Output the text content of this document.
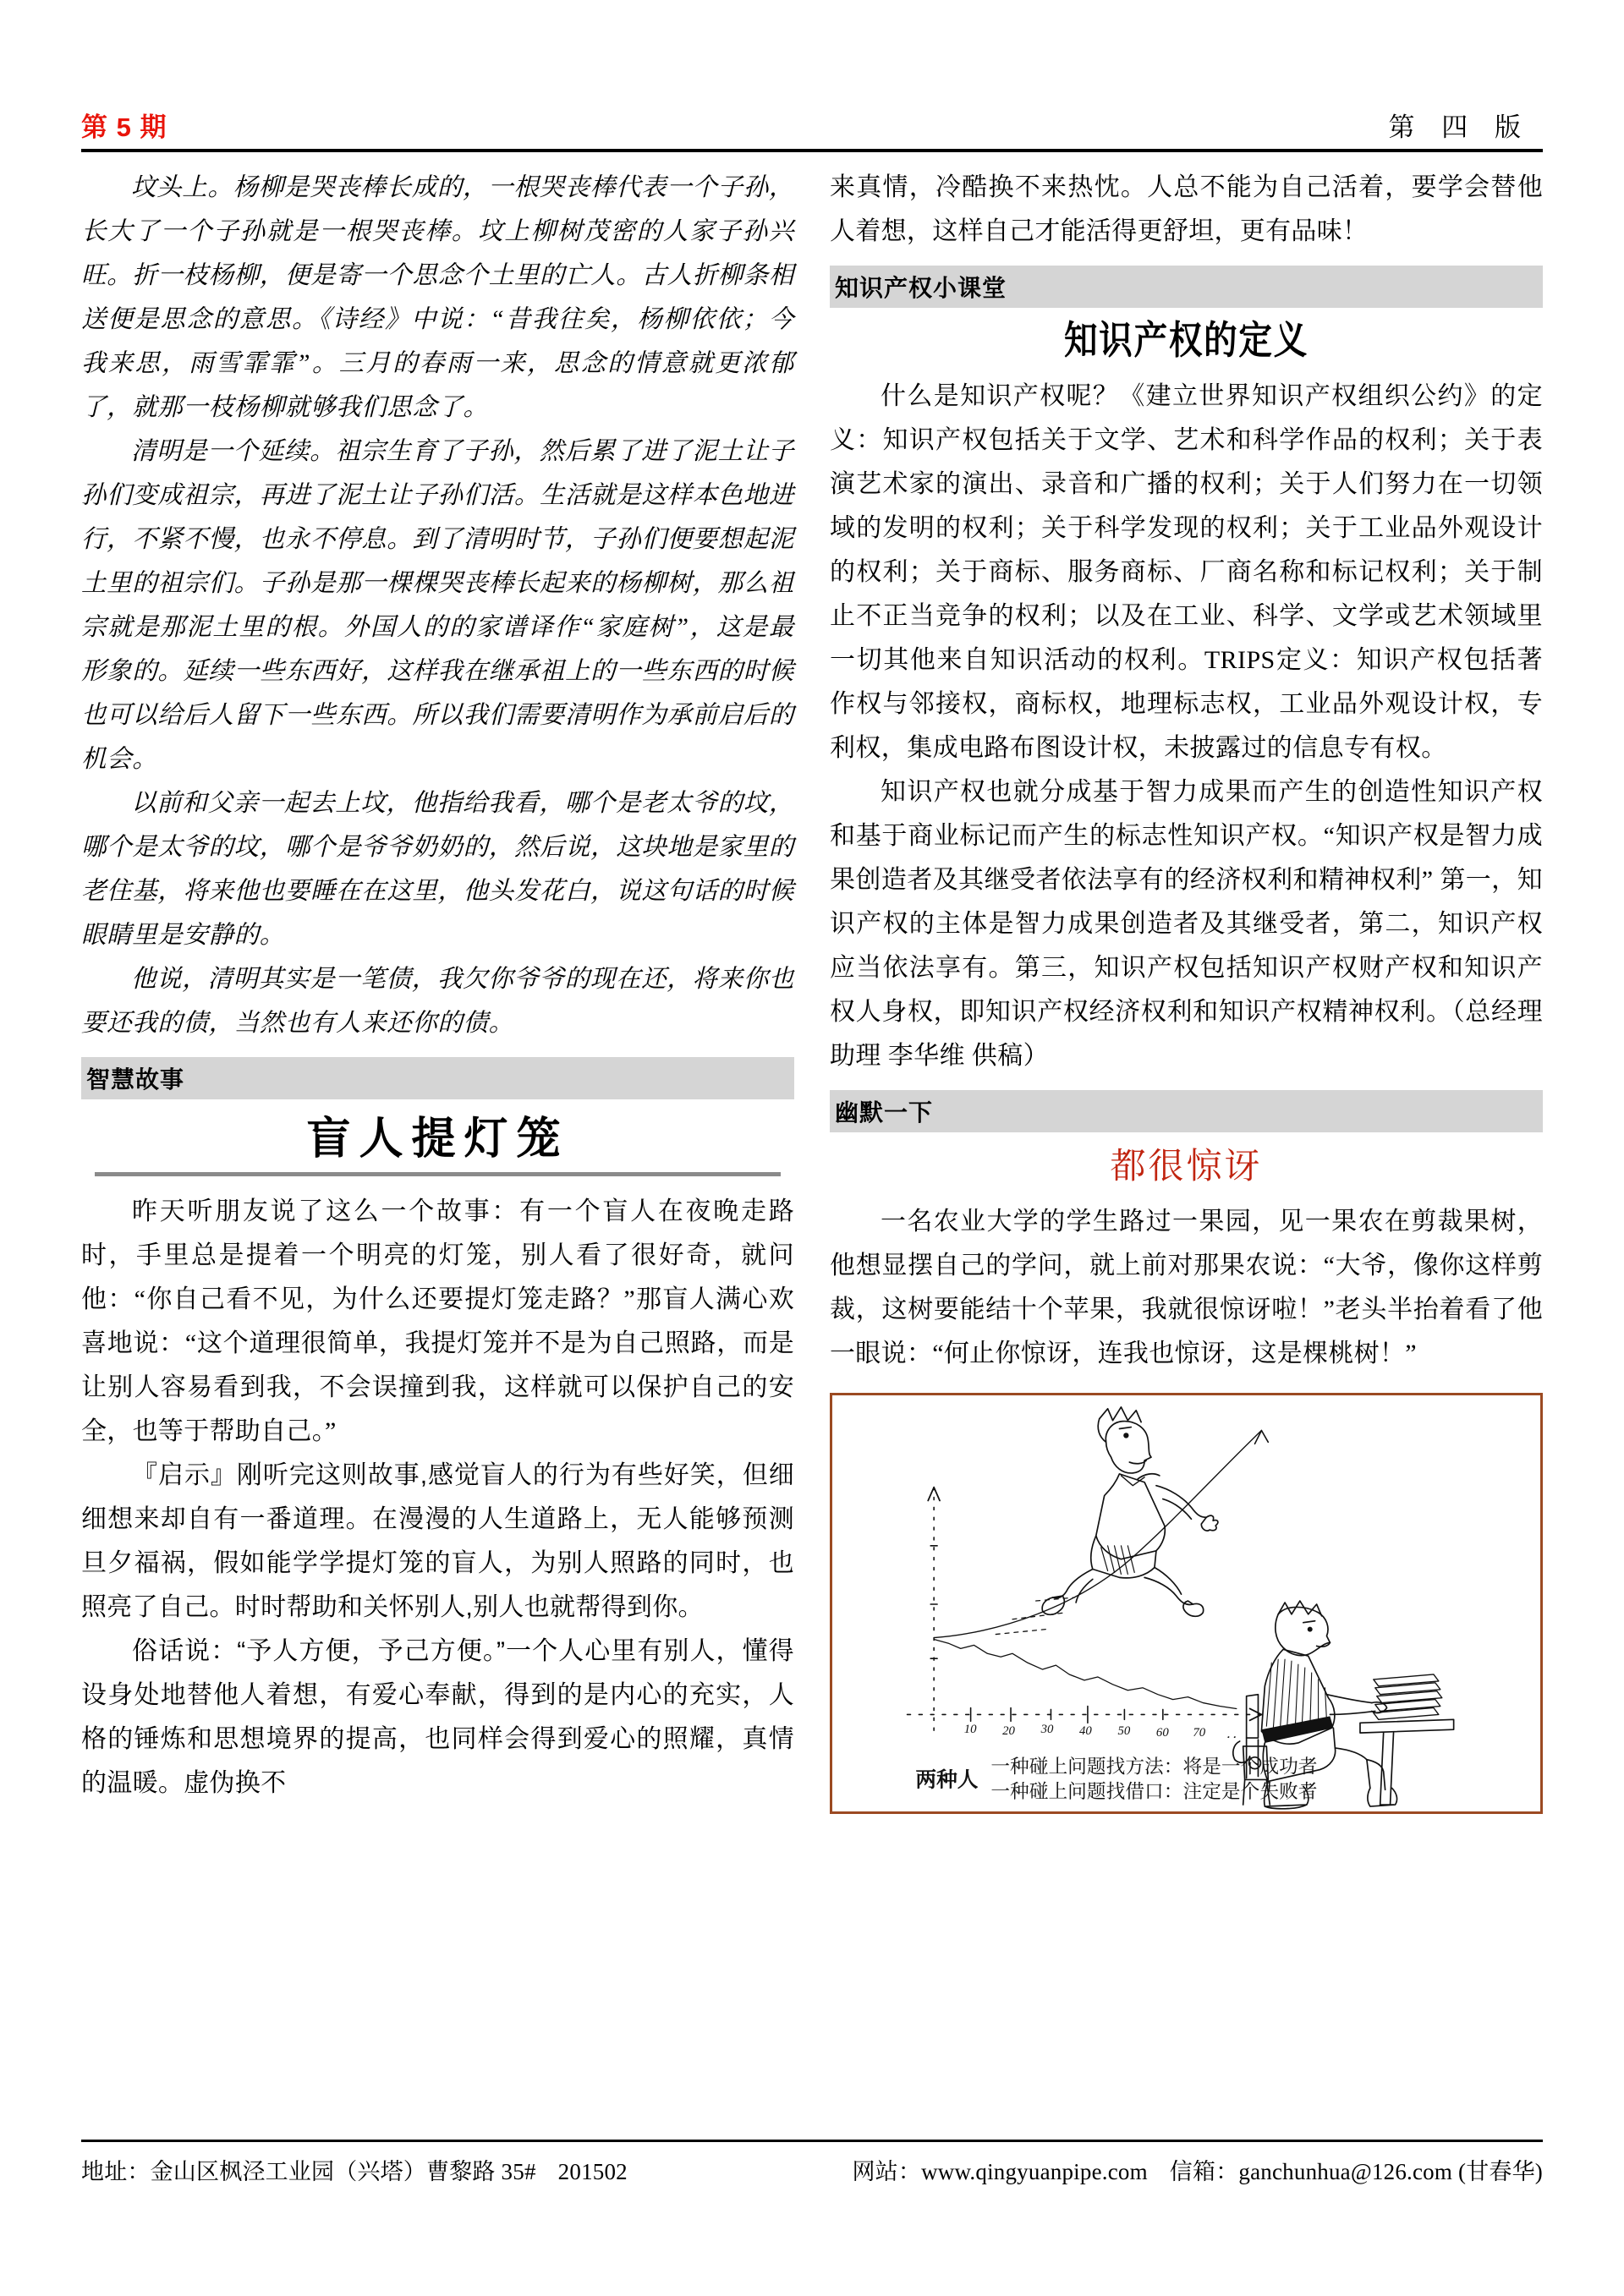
第 5 期	第 四 版

坟头上。杨柳是哭丧棒长成的，一根哭丧棒代表一个子孙，长大了一个子孙就是一根哭丧棒。坟上柳树茂密的人家子孙兴旺。折一枝杨柳，便是寄一个思念个土里的亡人。古人折柳条相送便是思念的意思。《诗经》中说：“昔我往矣，杨柳依依；今我来思，雨雪霏霏”。三月的春雨一来，思念的情意就更浓郁了，就那一枝杨柳就够我们思念了。

清明是一个延续。祖宗生育了子孙，然后累了进了泥土让子孙们变成祖宗，再进了泥土让子孙们活。生活就是这样本色地进行，不紧不慢，也永不停息。到了清明时节，子孙们便要想起泥土里的祖宗们。子孙是那一棵棵哭丧棒长起来的杨柳树，那么祖宗就是那泥土里的根。外国人的的家谱译作“家庭树”，这是最形象的。延续一些东西好，这样我在继承祖上的一些东西的时候也可以给后人留下一些东西。所以我们需要清明作为承前启后的机会。

以前和父亲一起去上坟，他指给我看，哪个是老太爷的坟，哪个是太爷的坟，哪个是爷爷奶奶的，然后说，这块地是家里的老住基，将来他也要睡在在这里，他头发花白，说这句话的时候眼睛里是安静的。

他说，清明其实是一笔债，我欠你爷爷的现在还，将来你也要还我的债，当然也有人来还你的债。

智慧故事
盲人提灯笼

昨天听朋友说了这么一个故事：有一个盲人在夜晚走路时，手里总是提着一个明亮的灯笼，别人看了很好奇，就问他：“你自己看不见，为什么还要提灯笼走路？”那盲人满心欢喜地说：“这个道理很简单，我提灯笼并不是为自己照路，而是让别人容易看到我，不会误撞到我，这样就可以保护自己的安全，也等于帮助自己。”

『启示』刚听完这则故事,感觉盲人的行为有些好笑，但细细想来却自有一番道理。在漫漫的人生道路上，无人能够预测旦夕福祸，假如能学学提灯笼的盲人，为别人照路的同时，也照亮了自己。时时帮助和关怀别人,别人也就帮得到你。

俗话说：“予人方便，予己方便。”一个人心里有别人，懂得设身处地替他人着想，有爱心奉献，得到的是内心的充实，人格的锤炼和思想境界的提高，也同样会得到爱心的照耀，真情的温暖。虚伪换不

来真情，冷酷换不来热忱。人总不能为自己活着，要学会替他人着想，这样自己才能活得更舒坦，更有品味！

知识产权小课堂
知识产权的定义

什么是知识产权呢？《建立世界知识产权组织公约》的定义：知识产权包括关于文学、艺术和科学作品的权利；关于表演艺术家的演出、录音和广播的权利；关于人们努力在一切领域的发明的权利；关于科学发现的权利；关于工业品外观设计的权利；关于商标、服务商标、厂商名称和标记权利；关于制止不正当竞争的权利；以及在工业、科学、文学或艺术领域里一切其他来自知识活动的权利。TRIPS定义：知识产权包括著作权与邻接权，商标权，地理标志权，工业品外观设计权，专利权，集成电路布图设计权，未披露过的信息专有权。

知识产权也就分成基于智力成果而产生的创造性知识产权和基于商业标记而产生的标志性知识产权。“知识产权是智力成果创造者及其继受者依法享有的经济权利和精神权利” 第一，知识产权的主体是智力成果创造者及其继受者，第二，知识产权应当依法享有。第三，知识产权包括知识产权财产权和知识产权人身权，即知识产权经济权利和知识产权精神权利。（总经理助理 李华维 供稿）

幽默一下
都很惊讶

一名农业大学的学生路过一果园，见一果农在剪裁果树，他想显摆自己的学问，就上前对那果农说：“大爷，像你这样剪裁，这树要能结十个苹果，我就很惊讶啦！”老头半抬着看了他一眼说：“何止你惊讶，连我也惊讶，这是棵桃树！”

10 20 30 40 50 60 70 ．．
两种人
一种碰上问题找方法：将是一个成功者
一种碰上问题找借口：注定是个失败者
地址：金山区枫泾工业园（兴塔）曹黎路 35# 201502	网站：www.qingyuanpipe.com 信箱：ganchunhua@126.com (甘春华)
